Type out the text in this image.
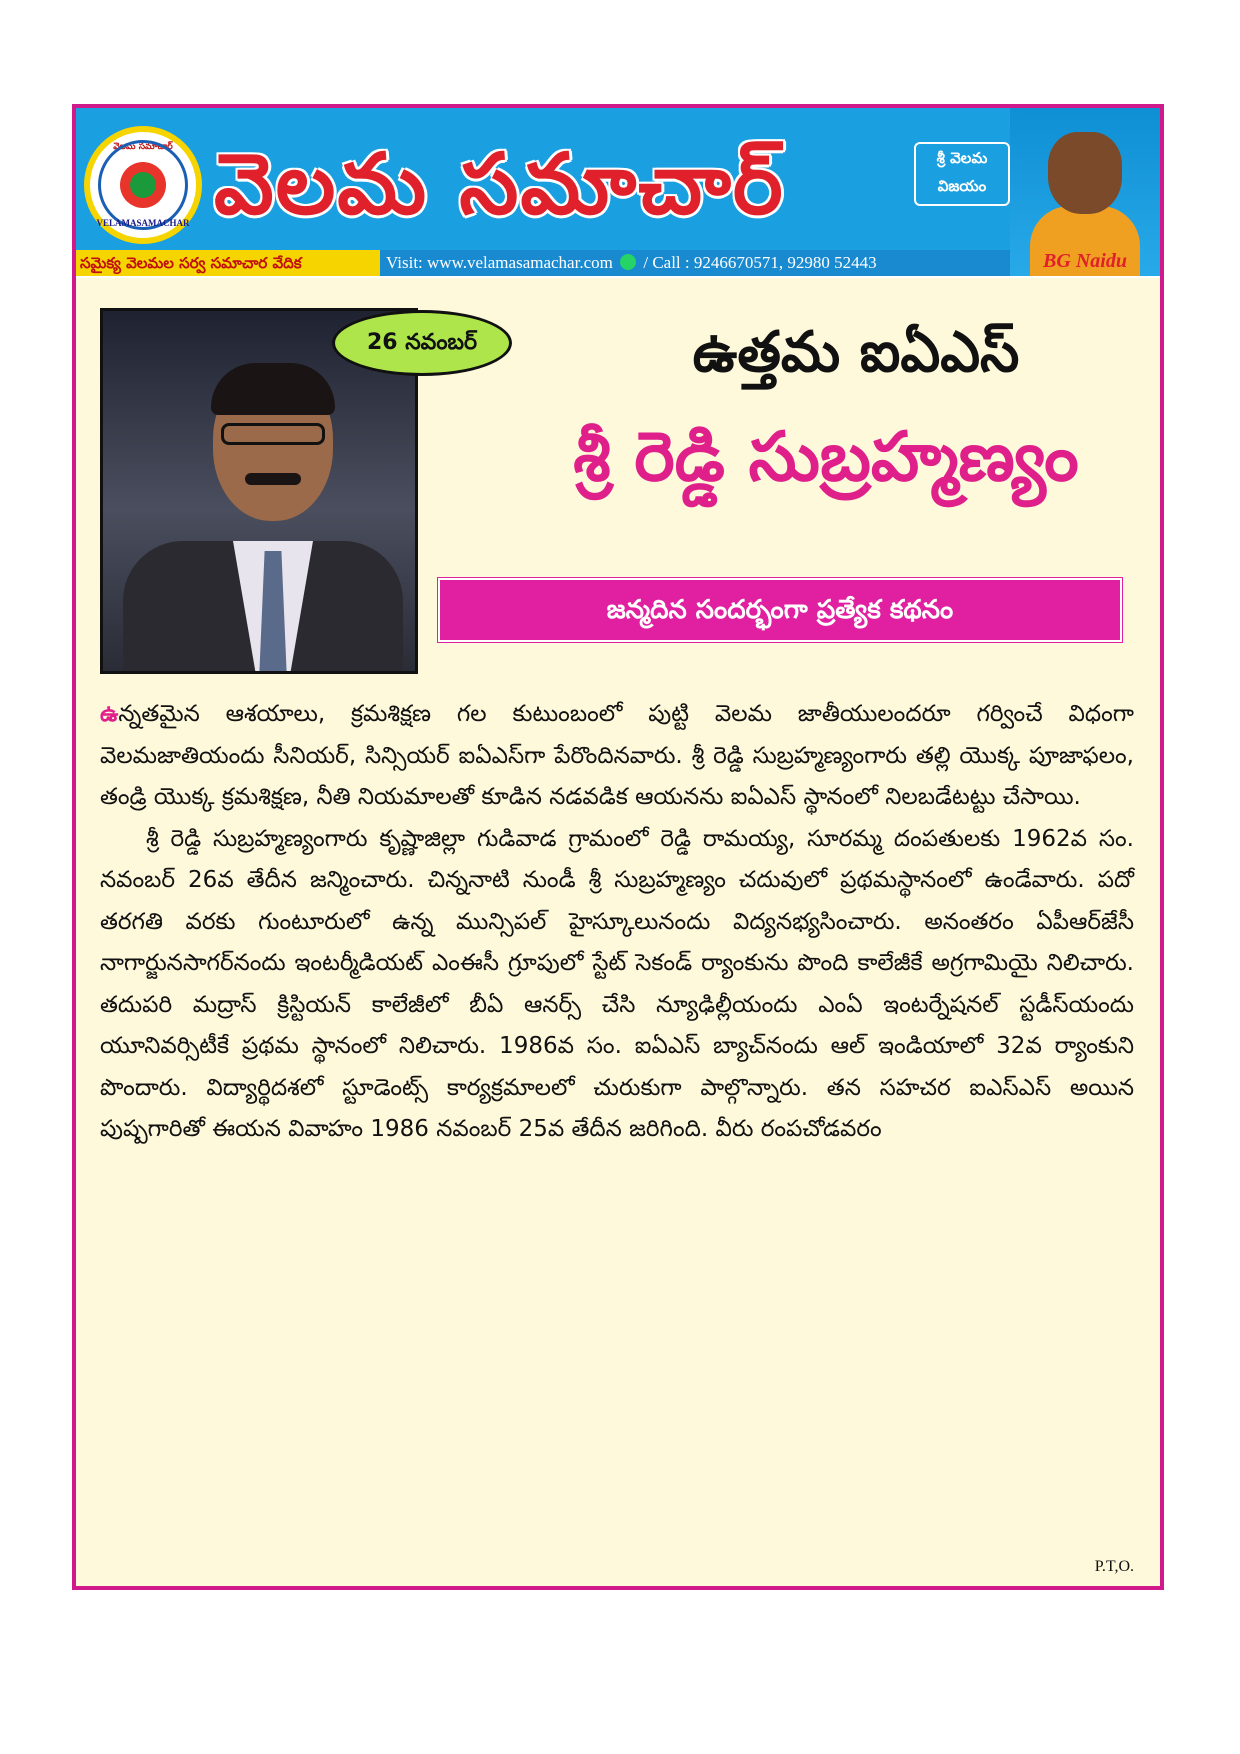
వెలమ సమాచార్
VELAMASAMACHAR వెలమ సమాచార్	శ్రీ వెలమ
విజయం
సమైక్య వెలమల సర్వ సమాచార వేదిక	Visit: www.velamasamachar.com / Call : 9246670571, 92980 52443	BG Naidu
26 నవంబర్	ఉత్తమ ఐఏఎస్
శ్రీ రెడ్డి సుబ్రహ్మణ్యం
జన్మదిన సందర్భంగా ప్రత్యేక కథనం

ఉన్నతమైన ఆశయాలు, క్రమశిక్షణ గల కుటుంబంలో పుట్టి వెలమ జాతీయులందరూ గర్వించే విధంగా వెలమజాతియందు సీనియర్, సిన్సియర్ ఐఏఎస్‌గా పేరొందినవారు. శ్రీ రెడ్డి సుబ్రహ్మణ్యంగారు తల్లి యొక్క పూజాఫలం, తండ్రి యొక్క క్రమశిక్షణ, నీతి నియమాలతో కూడిన నడవడిక ఆయనను ఐఏఎస్ స్థానంలో నిలబడేటట్టు చేసాయి.

శ్రీ రెడ్డి సుబ్రహ్మణ్యంగారు కృష్ణాజిల్లా గుడివాడ గ్రామంలో రెడ్డి రామయ్య, సూరమ్మ దంపతులకు 1962వ సం. నవంబర్ 26వ తేదీన జన్మించారు. చిన్ననాటి నుండీ శ్రీ సుబ్రహ్మణ్యం చదువులో ప్రథమస్థానంలో ఉండేవారు. పదో తరగతి వరకు గుంటూరులో ఉన్న మున్సిపల్ హైస్కూలునందు విద్యనభ్యసించారు. అనంతరం ఏపీఆర్‌జేసీ నాగార్జునసాగర్‌నందు ఇంటర్మీడియట్ ఎంఈసీ గ్రూపులో స్టేట్ సెకండ్ ర్యాంకును పొంది కాలేజీకే అగ్రగామియై నిలిచారు. తదుపరి మద్రాస్ క్రిస్టియన్ కాలేజీలో బీఏ ఆనర్స్ చేసి న్యూఢిల్లీయందు ఎంఏ ఇంటర్నేషనల్ స్టడీస్‌యందు యూనివర్సిటీకే ప్రథమ స్థానంలో నిలిచారు. 1986వ సం. ఐఏఎస్ బ్యాచ్‌నందు ఆల్ ఇండియాలో 32వ ర్యాంకుని పొందారు. విద్యార్థిదశలో స్టూడెంట్స్ కార్యక్రమాలలో చురుకుగా పాల్గొన్నారు. తన సహచర ఐఎస్ఎస్ అయిన పుష్పగారితో ఈయన వివాహం 1986 నవంబర్ 25వ తేదీన జరిగింది. వీరు రంపచోడవరం

P.T,O.
